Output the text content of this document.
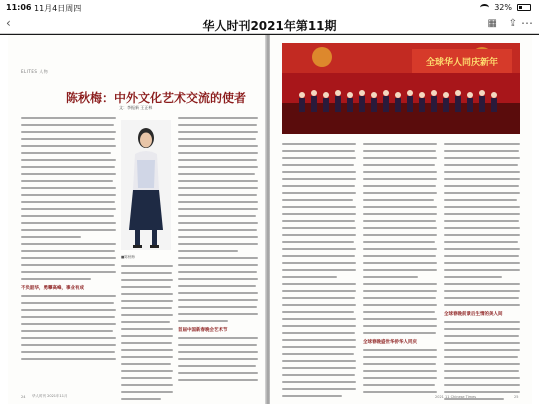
11:06 11月4日周四	32%
‹	华人时刊2021年第11期	▦ ⇪ ⋯
ELITES 人物
陈秋梅：中外文化艺术交流的使者
文：李振新 王正林
不负韶华，勇攀高峰，事业有成
■陈秋梅
首届中国新春晚会艺术节
24 华人时刊 2021年11月
全球华人同庆新年
全球春晚盛世华侨华人同庆
全球春晚前景后生情的美人间
2021 11 Chinese Times	25
